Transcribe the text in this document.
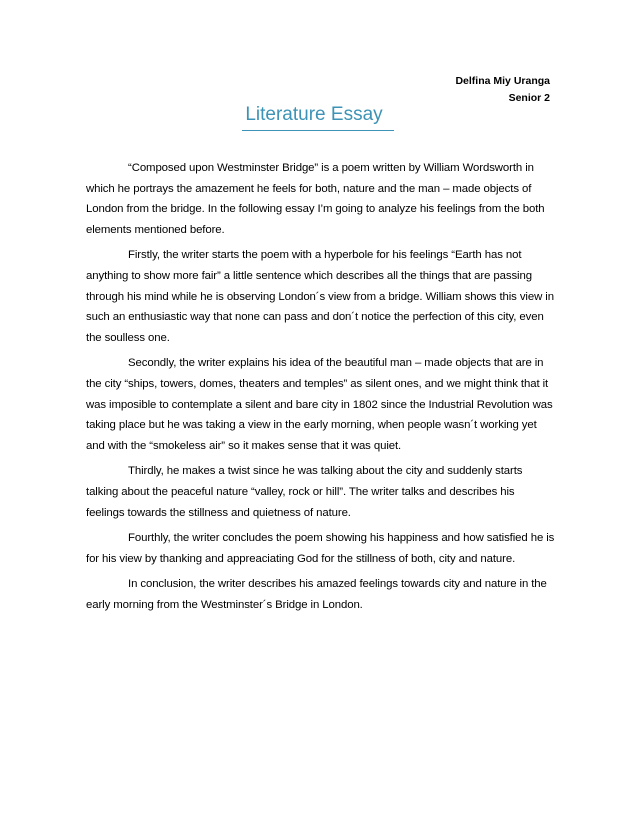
Delfina Miy Uranga
Senior 2
Literature Essay

“Composed upon Westminster Bridge” is a poem written by William Wordsworth in which he portrays the amazement he feels for both, nature and the man – made objects of London from the bridge. In the following essay I’m going to analyze his feelings from the both elements mentioned before.

Firstly, the writer starts the poem with a hyperbole for his feelings “Earth has not anything to show more fair” a little sentence which describes all the things that are passing through his mind while he is observing London´s view from a bridge. William shows this view in such an enthusiastic way that none can pass and don´t notice the perfection of this city, even the soulless one.

Secondly, the writer explains his idea of the beautiful man – made objects that are in the city “ships, towers, domes, theaters and temples” as silent ones, and we might think that it was imposible to contemplate a silent and bare city in 1802 since the Industrial Revolution was taking place but he was taking a view in the early morning, when people wasn´t working yet and with the “smokeless air” so it makes sense that it was quiet.

Thirdly, he makes a twist since he was talking about the city and suddenly starts talking about the peaceful nature “valley, rock or hill”. The writer talks and describes his feelings towards the stillness and quietness of nature.

Fourthly, the writer concludes the poem showing his happiness and how satisfied he is for his view by thanking and appreaciating God for the stillness of both, city and nature.

In conclusion, the writer describes his amazed feelings towards city and nature in the early morning from the Westminster´s Bridge in London.
